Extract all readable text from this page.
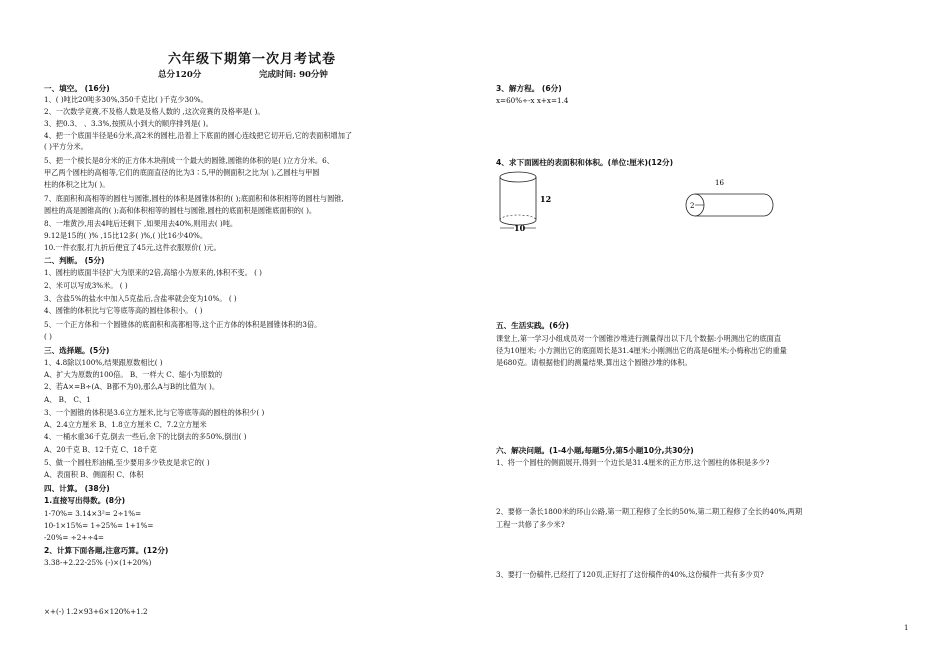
六年级下期第一次月考试卷
总分120分	完成时间: 90分钟
一、填空。 (16分)
1、( )吨比20吨多30%,350千克比( )千克少30%。
2、一次数学竞赛,不及格人数是及格人数的 ,这次竞赛的及格率是( )。
3、把0.3、 、3.3%,按照从小到大的顺序排列是( )。
4、把一个底面半径是6分米,高2米的圆柱,沿着上下底面的圆心连线把它切开后,它的表面积增加了
( )平方分米。
5、把一个棱长是8分米的正方体木块削成一个最大的圆锥,圆锥的体积的是( )立方分米。6、
甲乙两个圆柱的高相等,它们的底面直径的比为3∶5,甲的侧面积之比为( ),乙圆柱与甲圆
柱的体积之比为( )。
7、底面积和高相等的圆柱与圆锥,圆柱的体积是圆锥体积的( );底面积和体积相等的圆柱与圆锥,
圆柱的高是圆锥高的( );高和体积相等的圆柱与圆锥,圆柱的底面积是圆锥底面积的( )。
8、一堆黄沙,用去4吨后还剩下 ,如果用去40%,则用去( )吨。
9.12是15的( )% ,15比12多( )%,( )比16少40%。
10.一件衣服,打九折后便宜了45元,这件衣服原价( )元。
二、判断。 (5分)
1、圆柱的底面半径扩大为原来的2倍,高缩小为原来的,体积不变。 ( )
2、米可以写成3%米。 ( )
3、含盐5%的盐水中加入5克盐后,含盐率就会变为10%。 ( )
4、圆锥的体积比与它等底等高的圆柱体积小。 ( )
5、一个正方体和一个圆锥体的底面积和高都相等,这个正方体的体积是圆锥体积的3倍。
( )
三、选择题。(5分)
1、4.8除以100%,结果跟原数相比( )
A、扩大为原数的100倍。 B、一样大 C、缩小为原数的
2、若A×=B÷(A、B都不为0),那么A与B的比值为( )。
A、 B、 C、1
3、一个圆锥的体积是3.6立方厘米,比与它等底等高的圆柱的体积少( )
A、2.4立方厘米 B、1.8立方厘米 C、7.2立方厘米
4、一桶水重36千克,倒去一些后,余下的比倒去的多50%,倒出( )
A、20千克 B、12千克 C、18千克
5、做一个圆柱形油桶,至少要用多少铁皮是求它的( )
A、表面积 B、侧面积 C、体积
四、计算。 (38分)
1.直接写出得数。(8分)
1-70%= 3.14×3²= 2÷1%=
10-1×15%= 1÷25%= 1+1%=
-20%= ÷2+÷4=
2、计算下面各题,注意巧算。(12分)
3.38-+2.22-25% (-)×(1+20%)
×+(-) 1.2×93+6×120%+1.2
3、解方程。 (6分)
x=60%÷-x x+x=1.4
4、求下面圆柱的表面积和体积。(单位:厘米)(12分)
五、生活实践。(6分)
课堂上,第一学习小组成员对一个圆锥沙堆进行测量得出以下几个数据:小明测出它的底面直
径为10厘米; 小方测出它的底面周长是31.4厘米;小刚测出它的高是6厘米;小梅称出它的重量
是680克。请根据他们的测量结果,算出这个圆锥沙堆的体积。
六、解决问题。(1-4小题,每题5分,第5小题10分,共30分)
1、将一个圆柱的侧面展开,得到一个边长是31.4厘米的正方形,这个圆柱的体积是多少?
2、要修一条长1800米的环山公路,第一期工程修了全长的50%,第二期工程修了全长的40%,两期
工程一共修了多少米?
3、要打一份稿件,已经打了120页,正好打了这份稿件的40%,这份稿件一共有多少页?
12
10
16
2
1
